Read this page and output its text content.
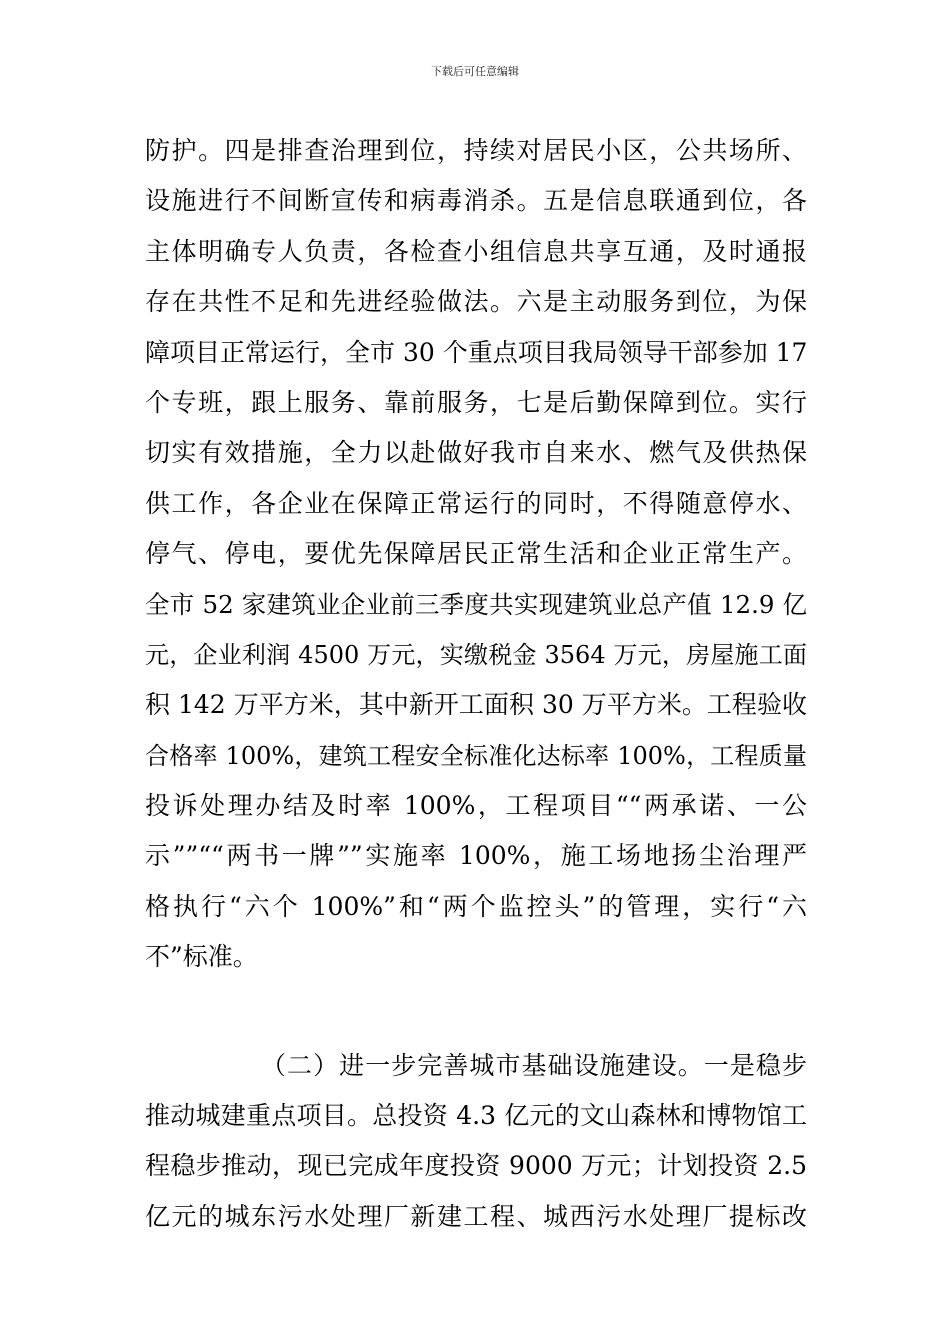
下载后可任意编辑
防护。四是排查治理到位，持续对居民小区，公共场所、
设施进行不间断宣传和病毒消杀。五是信息联通到位，各
主体明确专人负责，各检查小组信息共享互通，及时通报
存在共性不足和先进经验做法。六是主动服务到位，为保
障项目正常运行，全市 30 个重点项目我局领导干部参加 17
个专班，跟上服务、靠前服务，七是后勤保障到位。实行
切实有效措施，全力以赴做好我市自来水、燃气及供热保
供工作，各企业在保障正常运行的同时，不得随意停水、
停气、停电，要优先保障居民正常生活和企业正常生产。
全市 52 家建筑业企业前三季度共实现建筑业总产值 12.9 亿
元，企业利润 4500 万元，实缴税金 3564 万元，房屋施工面
积 142 万平方米，其中新开工面积 30 万平方米。工程验收
合格率 100%，建筑工程安全标准化达标率 100%，工程质量
投诉处理办结及时率 100%，工程项目““两承诺、一公
示””““两书一牌””实施率 100%，施工场地扬尘治理严
格执行“六个 100%”和“两个监控头”的管理，实行“六
不”标准。
（二）进一步完善城市基础设施建设。一是稳步
推动城建重点项目。总投资 4.3 亿元的文山森林和博物馆工
程稳步推动，现已完成年度投资 9000 万元；计划投资 2.5
亿元的城东污水处理厂新建工程、城西污水处理厂提标改
